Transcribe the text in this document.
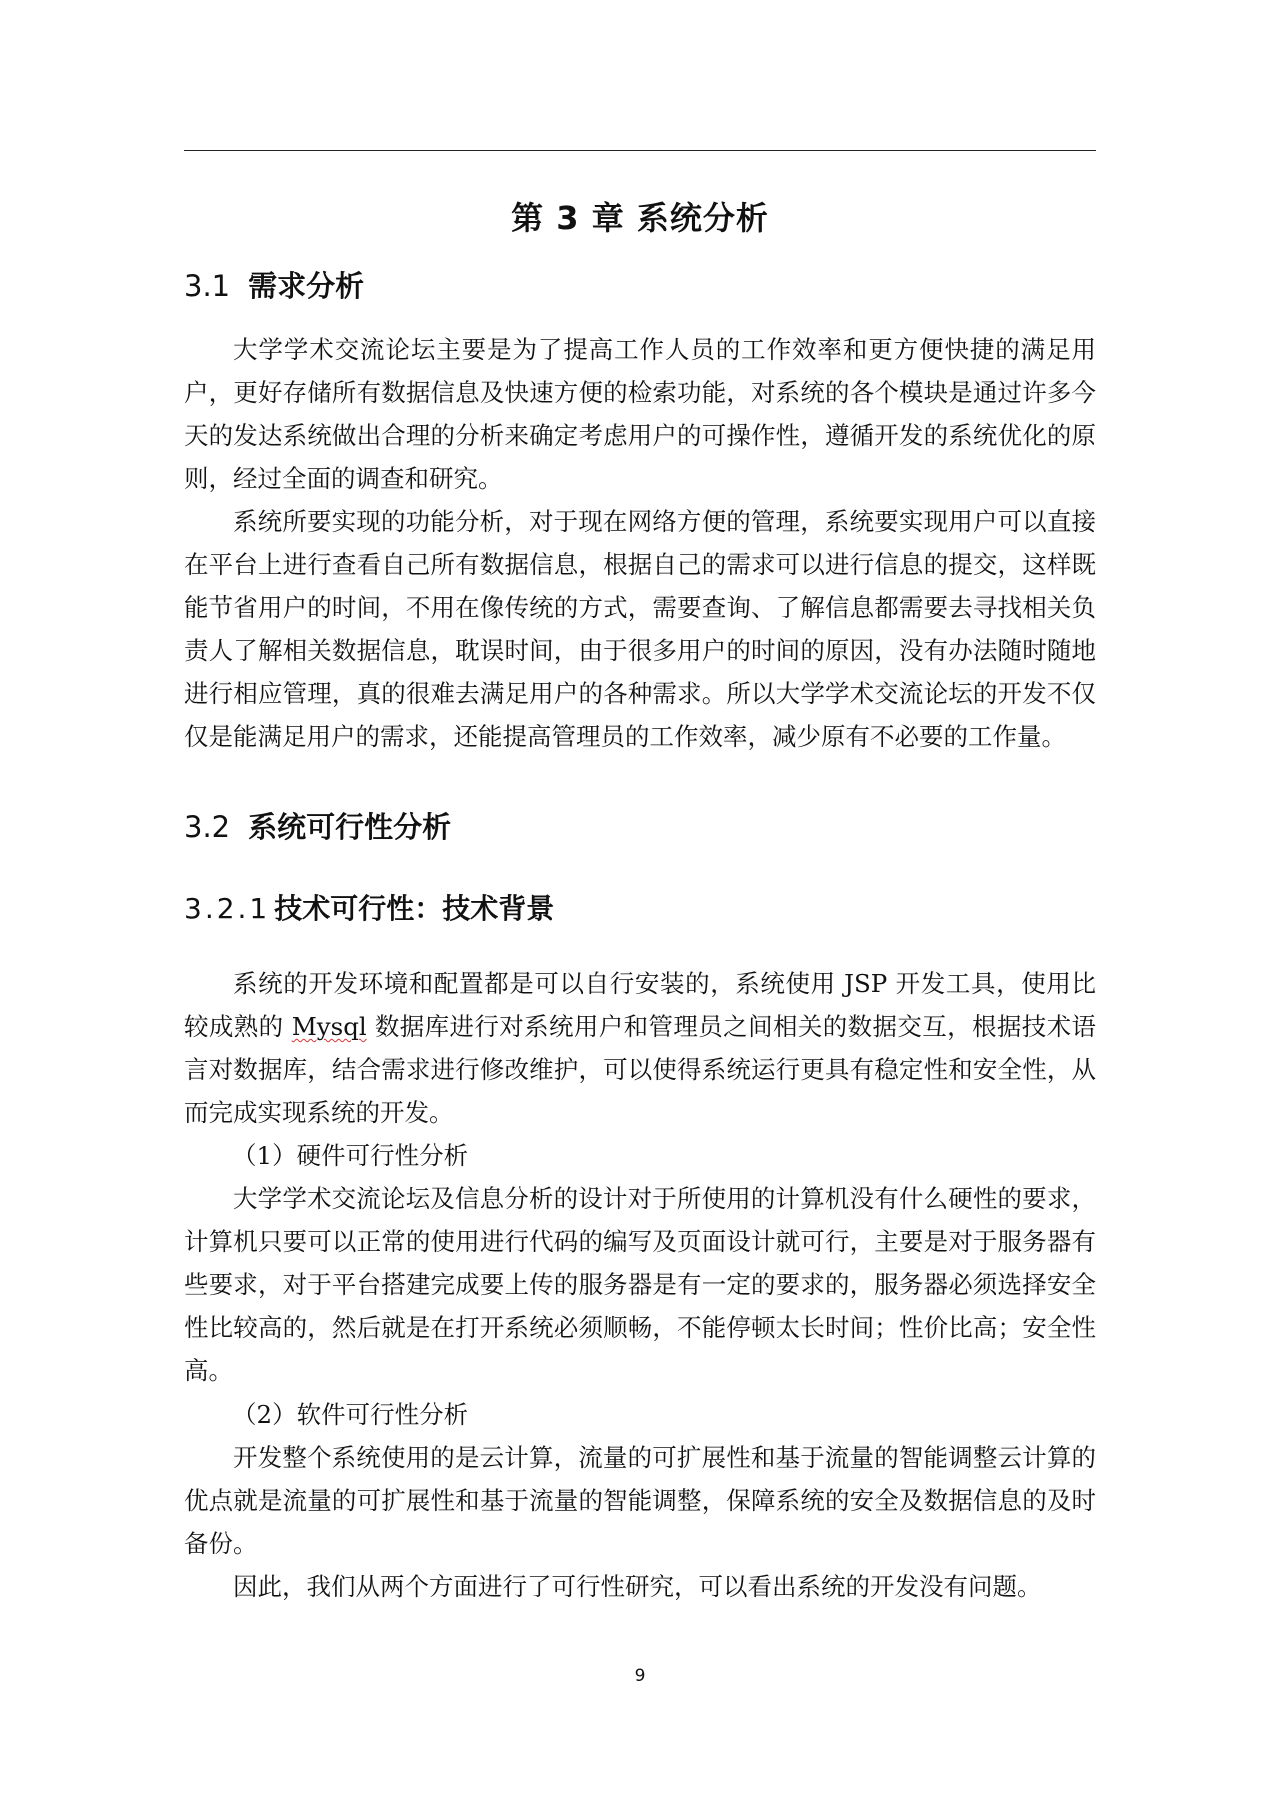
第 3 章 系统分析
3.1 需求分析

大学学术交流论坛主要是为了提高工作人员的工作效率和更方便快捷的满足用户，更好存储所有数据信息及快速方便的检索功能，对系统的各个模块是通过许多今天的发达系统做出合理的分析来确定考虑用户的可操作性，遵循开发的系统优化的原则，经过全面的调查和研究。

系统所要实现的功能分析，对于现在网络方便的管理，系统要实现用户可以直接在平台上进行查看自己所有数据信息，根据自己的需求可以进行信息的提交，这样既能节省用户的时间，不用在像传统的方式，需要查询、了解信息都需要去寻找相关负责人了解相关数据信息，耽误时间，由于很多用户的时间的原因，没有办法随时随地进行相应管理，真的很难去满足用户的各种需求。所以大学学术交流论坛的开发不仅仅是能满足用户的需求，还能提高管理员的工作效率，减少原有不必要的工作量。

3.2 系统可行性分析
3.2.1 技术可行性：技术背景

系统的开发环境和配置都是可以自行安装的，系统使用 JSP 开发工具，使用比较成熟的 Mysql 数据库进行对系统用户和管理员之间相关的数据交互，根据技术语言对数据库，结合需求进行修改维护，可以使得系统运行更具有稳定性和安全性，从而完成实现系统的开发。

（1）硬件可行性分析

大学学术交流论坛及信息分析的设计对于所使用的计算机没有什么硬性的要求，计算机只要可以正常的使用进行代码的编写及页面设计就可行，主要是对于服务器有些要求，对于平台搭建完成要上传的服务器是有一定的要求的，服务器必须选择安全性比较高的，然后就是在打开系统必须顺畅，不能停顿太长时间；性价比高；安全性高。

（2）软件可行性分析

开发整个系统使用的是云计算，流量的可扩展性和基于流量的智能调整云计算的优点就是流量的可扩展性和基于流量的智能调整，保障系统的安全及数据信息的及时备份。

因此，我们从两个方面进行了可行性研究，可以看出系统的开发没有问题。

9
